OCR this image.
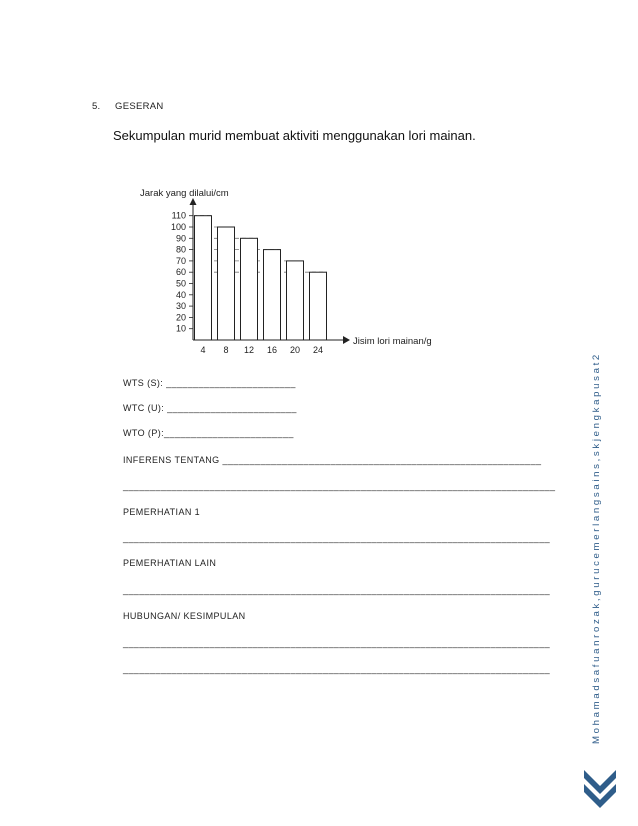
5. GESERAN
Sekumpulan murid membuat aktiviti menggunakan lori mainan.
Jarak yang dilalui/cm
Jisim lori mainan/g
110
100
90
80
70
60
50
40
30
20
10
4 8 12 16 20 24
WTS (S): ________________________
WTC (U): ________________________
WTO (P):________________________
INFERENS TENTANG ___________________________________________________________
________________________________________________________________________________
PEMERHATIAN 1
_______________________________________________________________________________
PEMERHATIAN LAIN
_______________________________________________________________________________
HUBUNGAN/ KESIMPULAN
_______________________________________________________________________________
_______________________________________________________________________________	M o h a m a d s a f u a n r o z a k , g u r u c e m e r l a n g s a i n s , s k j e n g k a p u s a t 2
